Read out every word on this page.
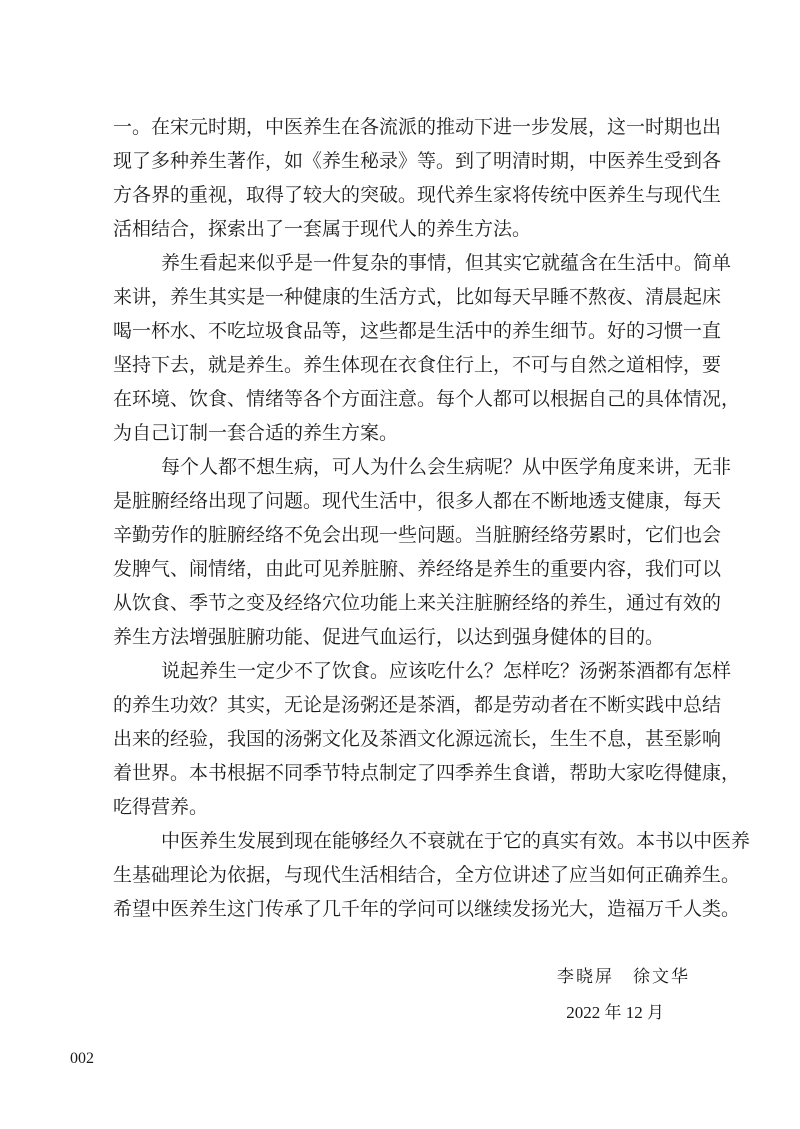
一。在宋元时期，中医养生在各流派的推动下进一步发展，这一时期也出
现了多种养生著作，如《养生秘录》等。到了明清时期，中医养生受到各
方各界的重视，取得了较大的突破。现代养生家将传统中医养生与现代生
活相结合，探索出了一套属于现代人的养生方法。
养生看起来似乎是一件复杂的事情，但其实它就蕴含在生活中。简单
来讲，养生其实是一种健康的生活方式，比如每天早睡不熬夜、清晨起床
喝一杯水、不吃垃圾食品等，这些都是生活中的养生细节。好的习惯一直
坚持下去，就是养生。养生体现在衣食住行上，不可与自然之道相悖，要
在环境、饮食、情绪等各个方面注意。每个人都可以根据自己的具体情况，
为自己订制一套合适的养生方案。
每个人都不想生病，可人为什么会生病呢？从中医学角度来讲，无非
是脏腑经络出现了问题。现代生活中，很多人都在不断地透支健康，每天
辛勤劳作的脏腑经络不免会出现一些问题。当脏腑经络劳累时，它们也会
发脾气、闹情绪，由此可见养脏腑、养经络是养生的重要内容，我们可以
从饮食、季节之变及经络穴位功能上来关注脏腑经络的养生，通过有效的
养生方法增强脏腑功能、促进气血运行，以达到强身健体的目的。
说起养生一定少不了饮食。应该吃什么？怎样吃？汤粥茶酒都有怎样
的养生功效？其实，无论是汤粥还是茶酒，都是劳动者在不断实践中总结
出来的经验，我国的汤粥文化及茶酒文化源远流长，生生不息，甚至影响
着世界。本书根据不同季节特点制定了四季养生食谱，帮助大家吃得健康，
吃得营养。
中医养生发展到现在能够经久不衰就在于它的真实有效。本书以中医养
生基础理论为依据，与现代生活相结合，全方位讲述了应当如何正确养生。
希望中医养生这门传承了几千年的学问可以继续发扬光大，造福万千人类。
李晓屏　徐文华
2022 年 12 月
002
